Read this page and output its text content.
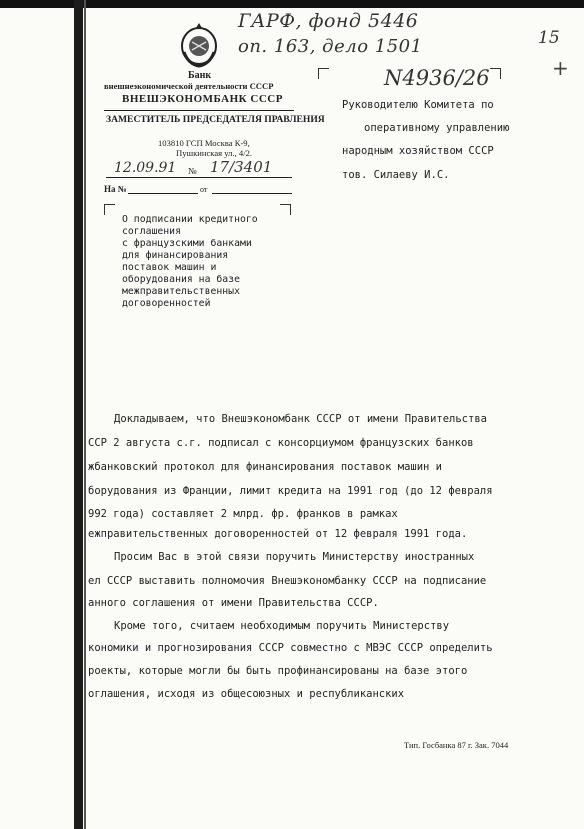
ГАРФ, фонд 5446
оп. 163, дело 1501	15
+
Банк
внешнеэкономической деятельности СССР
ВНЕШЭКОНОМБАНК СССР
ЗАМЕСТИТЕЛЬ ПРЕДСЕДАТЕЛЯ ПРАВЛЕНИЯ
103810 ГСП Москва К-9,
Пушкинская ул., 4/2.
12.09.91 № 17/3401
На №	от
N4936/26
Руководителю Комитета по
оперативному управлению
народным хозяйством СССР
тов. Силаеву И.С.
О подписании кредитного
соглашения
с французскими банками
для финансирования
поставок машин и
оборудования на базе
межправительственных
договоренностей
Докладываем, что Внешэкономбанк СССР от имени Правительства
ССР 2 августа с.г. подписал с консорциумом французских банков
жбанковский протокол для финансирования поставок машин и
борудования из Франции, лимит кредита на 1991 год (до 12 февраля
992 года) составляет 2 млрд. фр. франков в рамках
ежправительственных договоренностей от 12 февраля 1991 года.
Просим Вас в этой связи поручить Министерству иностранных
ел СССР выставить полномочия Внешэкономбанку СССР на подписание
анного соглашения от имени Правительства СССР.
Кроме того, считаем необходимым поручить Министерству
кономики и прогнозирования СССР совместно с МВЭС СССР определить
роекты, которые могли бы быть профинансированы на базе этого
оглашения, исходя из общесоюзных и республиканских
Тип. Госбанка 87 г. Зак. 7044
